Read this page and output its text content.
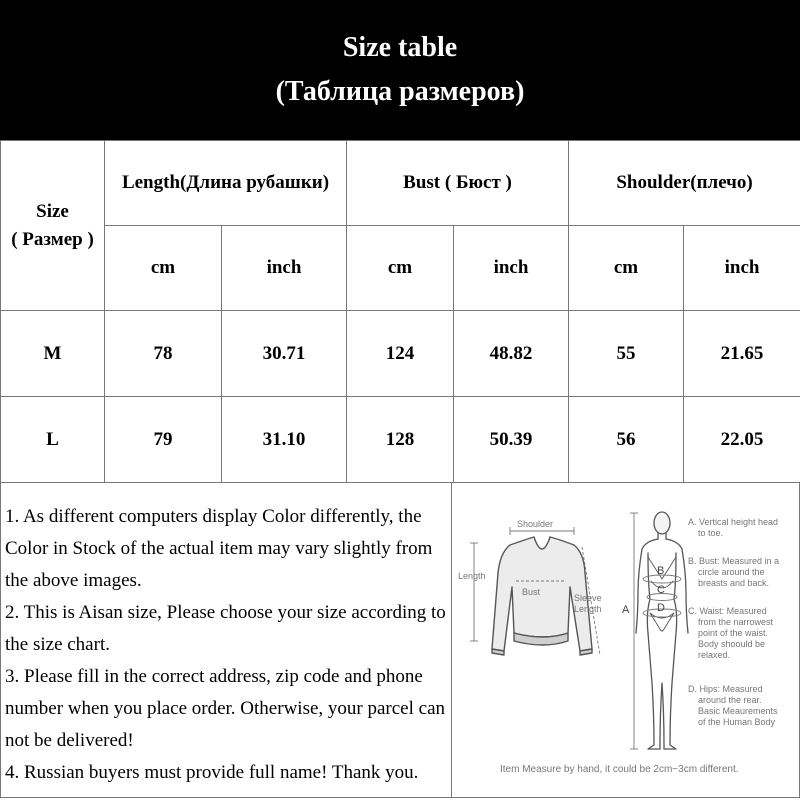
Size table
(Таблица размеров)
Size
( Размер )	Length(Длина рубашки)		Bust ( Бюст )		Shoulder(плечо)	
	cm	inch	cm	inch	cm	inch
M	78	30.71	124	48.82	55	21.65
L	79	31.10	128	50.39	56	22.05

1. As different computers display Color differently, the Color in Stock of the actual item may vary slightly from the above images.

2. This is Aisan size, Please choose your size according to the size chart.

3. Please fill in the correct address, zip code and phone number when you place order. Otherwise, your parcel can not be delivered!

4. Russian buyers must provide full name! Thank you.

Shoulder
Length
Bust
Sleeve
Length
B
C
D
A
A. Vertical height head
to toe.
B. Bust: Measured in a
circle around the
breasts and back.
C. Waist: Measured
from the narrowest
point of the waist.
Body shoould be
relaxed.
D. Hips: Measured
around the rear.
Basic Meaurements
of the Human Body
Item Measure by hand, it could be 2cm~3cm different.
